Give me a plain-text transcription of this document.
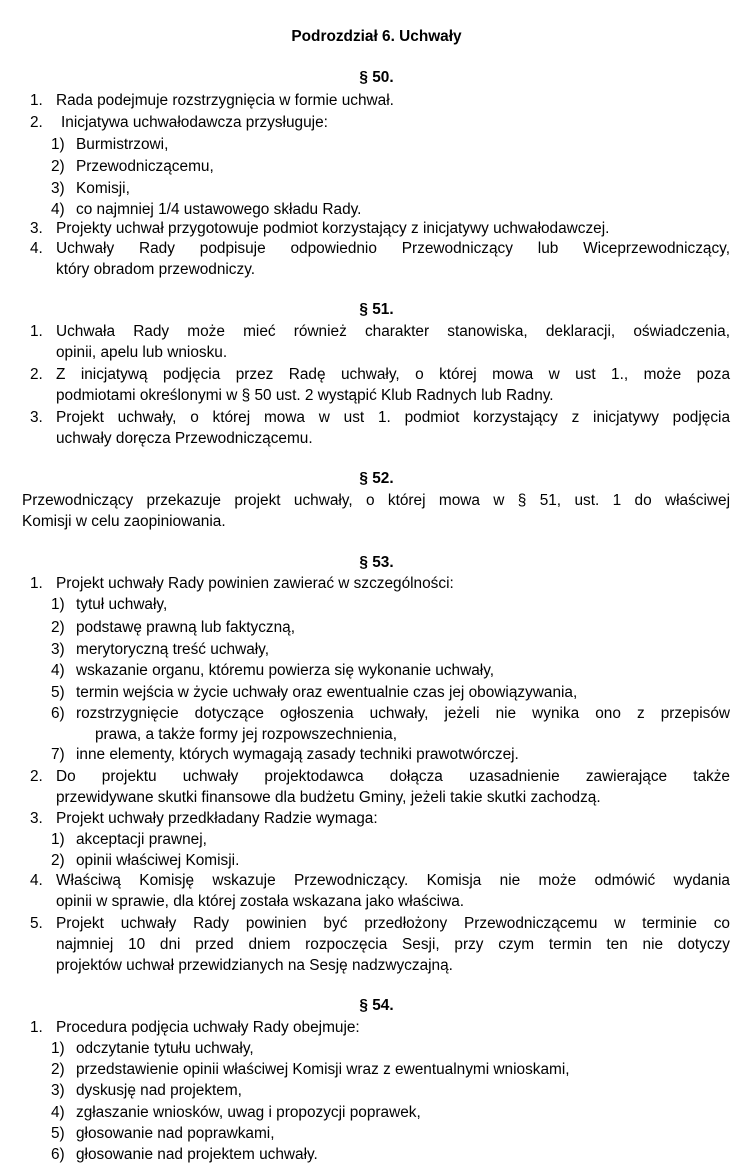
Podrozdział 6. Uchwały
§ 50.
1. Rada podejmuje rozstrzygnięcia w formie uchwał.
2. Inicjatywa uchwałodawcza przysługuje:
1) Burmistrzowi,
2) Przewodniczącemu,
3) Komisji,
4) co najmniej 1/4 ustawowego składu Rady.
3. Projekty uchwał przygotowuje podmiot korzystający z inicjatywy uchwałodawczej.
4. Uchwały Rady podpisuje odpowiednio Przewodniczący lub Wiceprzewodniczący,
który obradom przewodniczy.
§ 51.
1. Uchwała Rady może mieć również charakter stanowiska, deklaracji, oświadczenia,
opinii, apelu lub wniosku.
2. Z inicjatywą podjęcia przez Radę uchwały, o której mowa w ust 1., może poza
podmiotami określonymi w § 50 ust. 2 wystąpić Klub Radnych lub Radny.
3. Projekt uchwały, o której mowa w ust 1. podmiot korzystający z inicjatywy podjęcia
uchwały doręcza Przewodniczącemu.
§ 52.
Przewodniczący przekazuje projekt uchwały, o której mowa w § 51, ust. 1 do właściwej
Komisji w celu zaopiniowania.
§ 53.
1. Projekt uchwały Rady powinien zawierać w szczególności:
1) tytuł uchwały,
2) podstawę prawną lub faktyczną,
3) merytoryczną treść uchwały,
4) wskazanie organu, któremu powierza się wykonanie uchwały,
5) termin wejścia w życie uchwały oraz ewentualnie czas jej obowiązywania,
6) rozstrzygnięcie dotyczące ogłoszenia uchwały, jeżeli nie wynika ono z przepisów
prawa, a także formy jej rozpowszechnienia,
7) inne elementy, których wymagają zasady techniki prawotwórczej.
2. Do projektu uchwały projektodawca dołącza uzasadnienie zawierające także
przewidywane skutki finansowe dla budżetu Gminy, jeżeli takie skutki zachodzą.
3. Projekt uchwały przedkładany Radzie wymaga:
1) akceptacji prawnej,
2) opinii właściwej Komisji.
4. Właściwą Komisję wskazuje Przewodniczący. Komisja nie może odmówić wydania
opinii w sprawie, dla której została wskazana jako właściwa.
5. Projekt uchwały Rady powinien być przedłożony Przewodniczącemu w terminie co
najmniej 10 dni przed dniem rozpoczęcia Sesji, przy czym termin ten nie dotyczy
projektów uchwał przewidzianych na Sesję nadzwyczajną.
§ 54.
1. Procedura podjęcia uchwały Rady obejmuje:
1) odczytanie tytułu uchwały,
2) przedstawienie opinii właściwej Komisji wraz z ewentualnymi wnioskami,
3) dyskusję nad projektem,
4) zgłaszanie wniosków, uwag i propozycji poprawek,
5) głosowanie nad poprawkami,
6) głosowanie nad projektem uchwały.
